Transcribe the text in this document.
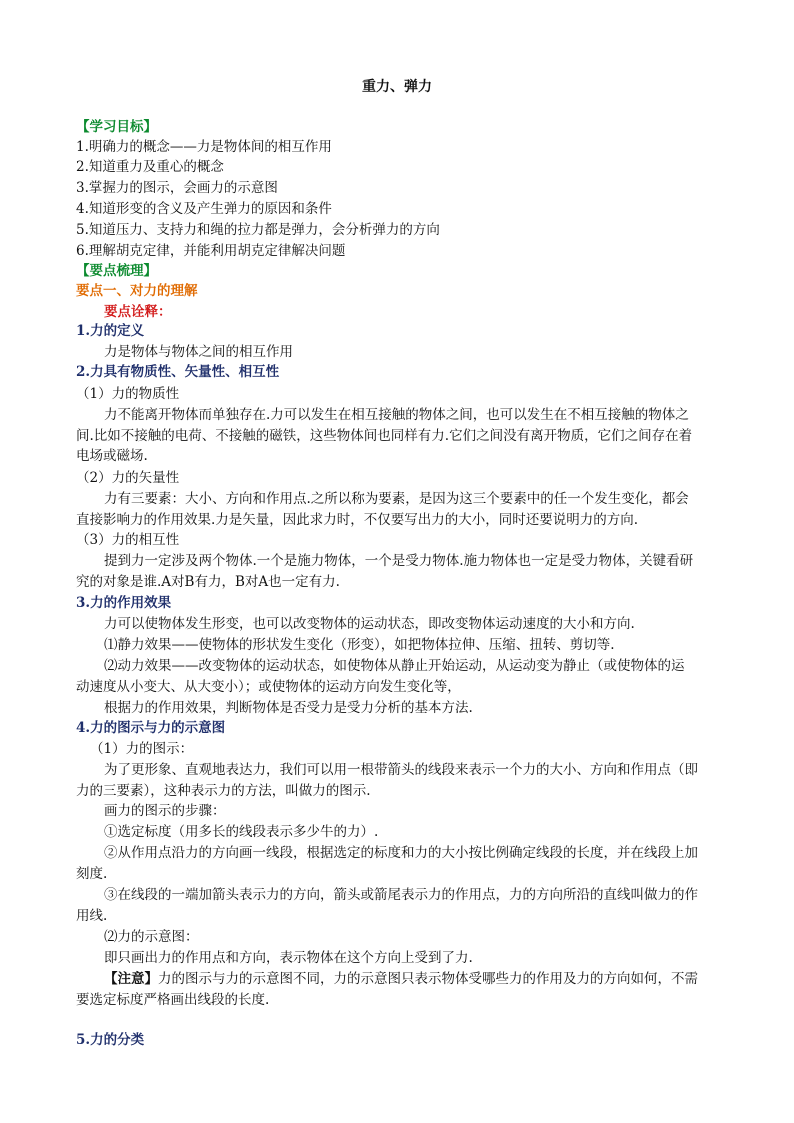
重力、弹力
【学习目标】
1.明确力的概念——力是物体间的相互作用
2.知道重力及重心的概念
3.掌握力的图示，会画力的示意图
4.知道形变的含义及产生弹力的原因和条件
5.知道压力、支持力和绳的拉力都是弹力，会分析弹力的方向
6.理解胡克定律，并能利用胡克定律解决问题
【要点梳理】
要点一、对力的理解
要点诠释：
1.力的定义
力是物体与物体之间的相互作用
2.力具有物质性、矢量性、相互性
（1）力的物质性
力不能离开物体而单独存在.力可以发生在相互接触的物体之间，也可以发生在不相互接触的物体之
间.比如不接触的电荷、不接触的磁铁，这些物体间也同样有力.它们之间没有离开物质，它们之间存在着
电场或磁场.
（2）力的矢量性
力有三要素：大小、方向和作用点.之所以称为要素，是因为这三个要素中的任一个发生变化，都会
直接影响力的作用效果.力是矢量，因此求力时，不仅要写出力的大小，同时还要说明力的方向.
（3）力的相互性
提到力一定涉及两个物体.一个是施力物体，一个是受力物体.施力物体也一定是受力物体，关键看研
究的对象是谁.A对B有力，B对A也一定有力.
3.力的作用效果
力可以使物体发生形变，也可以改变物体的运动状态，即改变物体运动速度的大小和方向.
⑴静力效果——使物体的形状发生变化（形变），如把物体拉伸、压缩、扭转、剪切等.
⑵动力效果——改变物体的运动状态，如使物体从静止开始运动，从运动变为静止（或使物体的运
动速度从小变大、从大变小）；或使物体的运动方向发生变化等，
根据力的作用效果，判断物体是否受力是受力分析的基本方法.
4.力的图示与力的示意图
（1）力的图示：
为了更形象、直观地表达力，我们可以用一根带箭头的线段来表示一个力的大小、方向和作用点（即
力的三要素），这种表示力的方法，叫做力的图示.
画力的图示的步骤：
①选定标度（用多长的线段表示多少牛的力）.
②从作用点沿力的方向画一线段，根据选定的标度和力的大小按比例确定线段的长度，并在线段上加
刻度.
③在线段的一端加箭头表示力的方向，箭头或箭尾表示力的作用点，力的方向所沿的直线叫做力的作
用线.
⑵力的示意图：
即只画出力的作用点和方向，表示物体在这个方向上受到了力.
【注意】力的图示与力的示意图不同，力的示意图只表示物体受哪些力的作用及力的方向如何，不需
要选定标度严格画出线段的长度.
5.力的分类
